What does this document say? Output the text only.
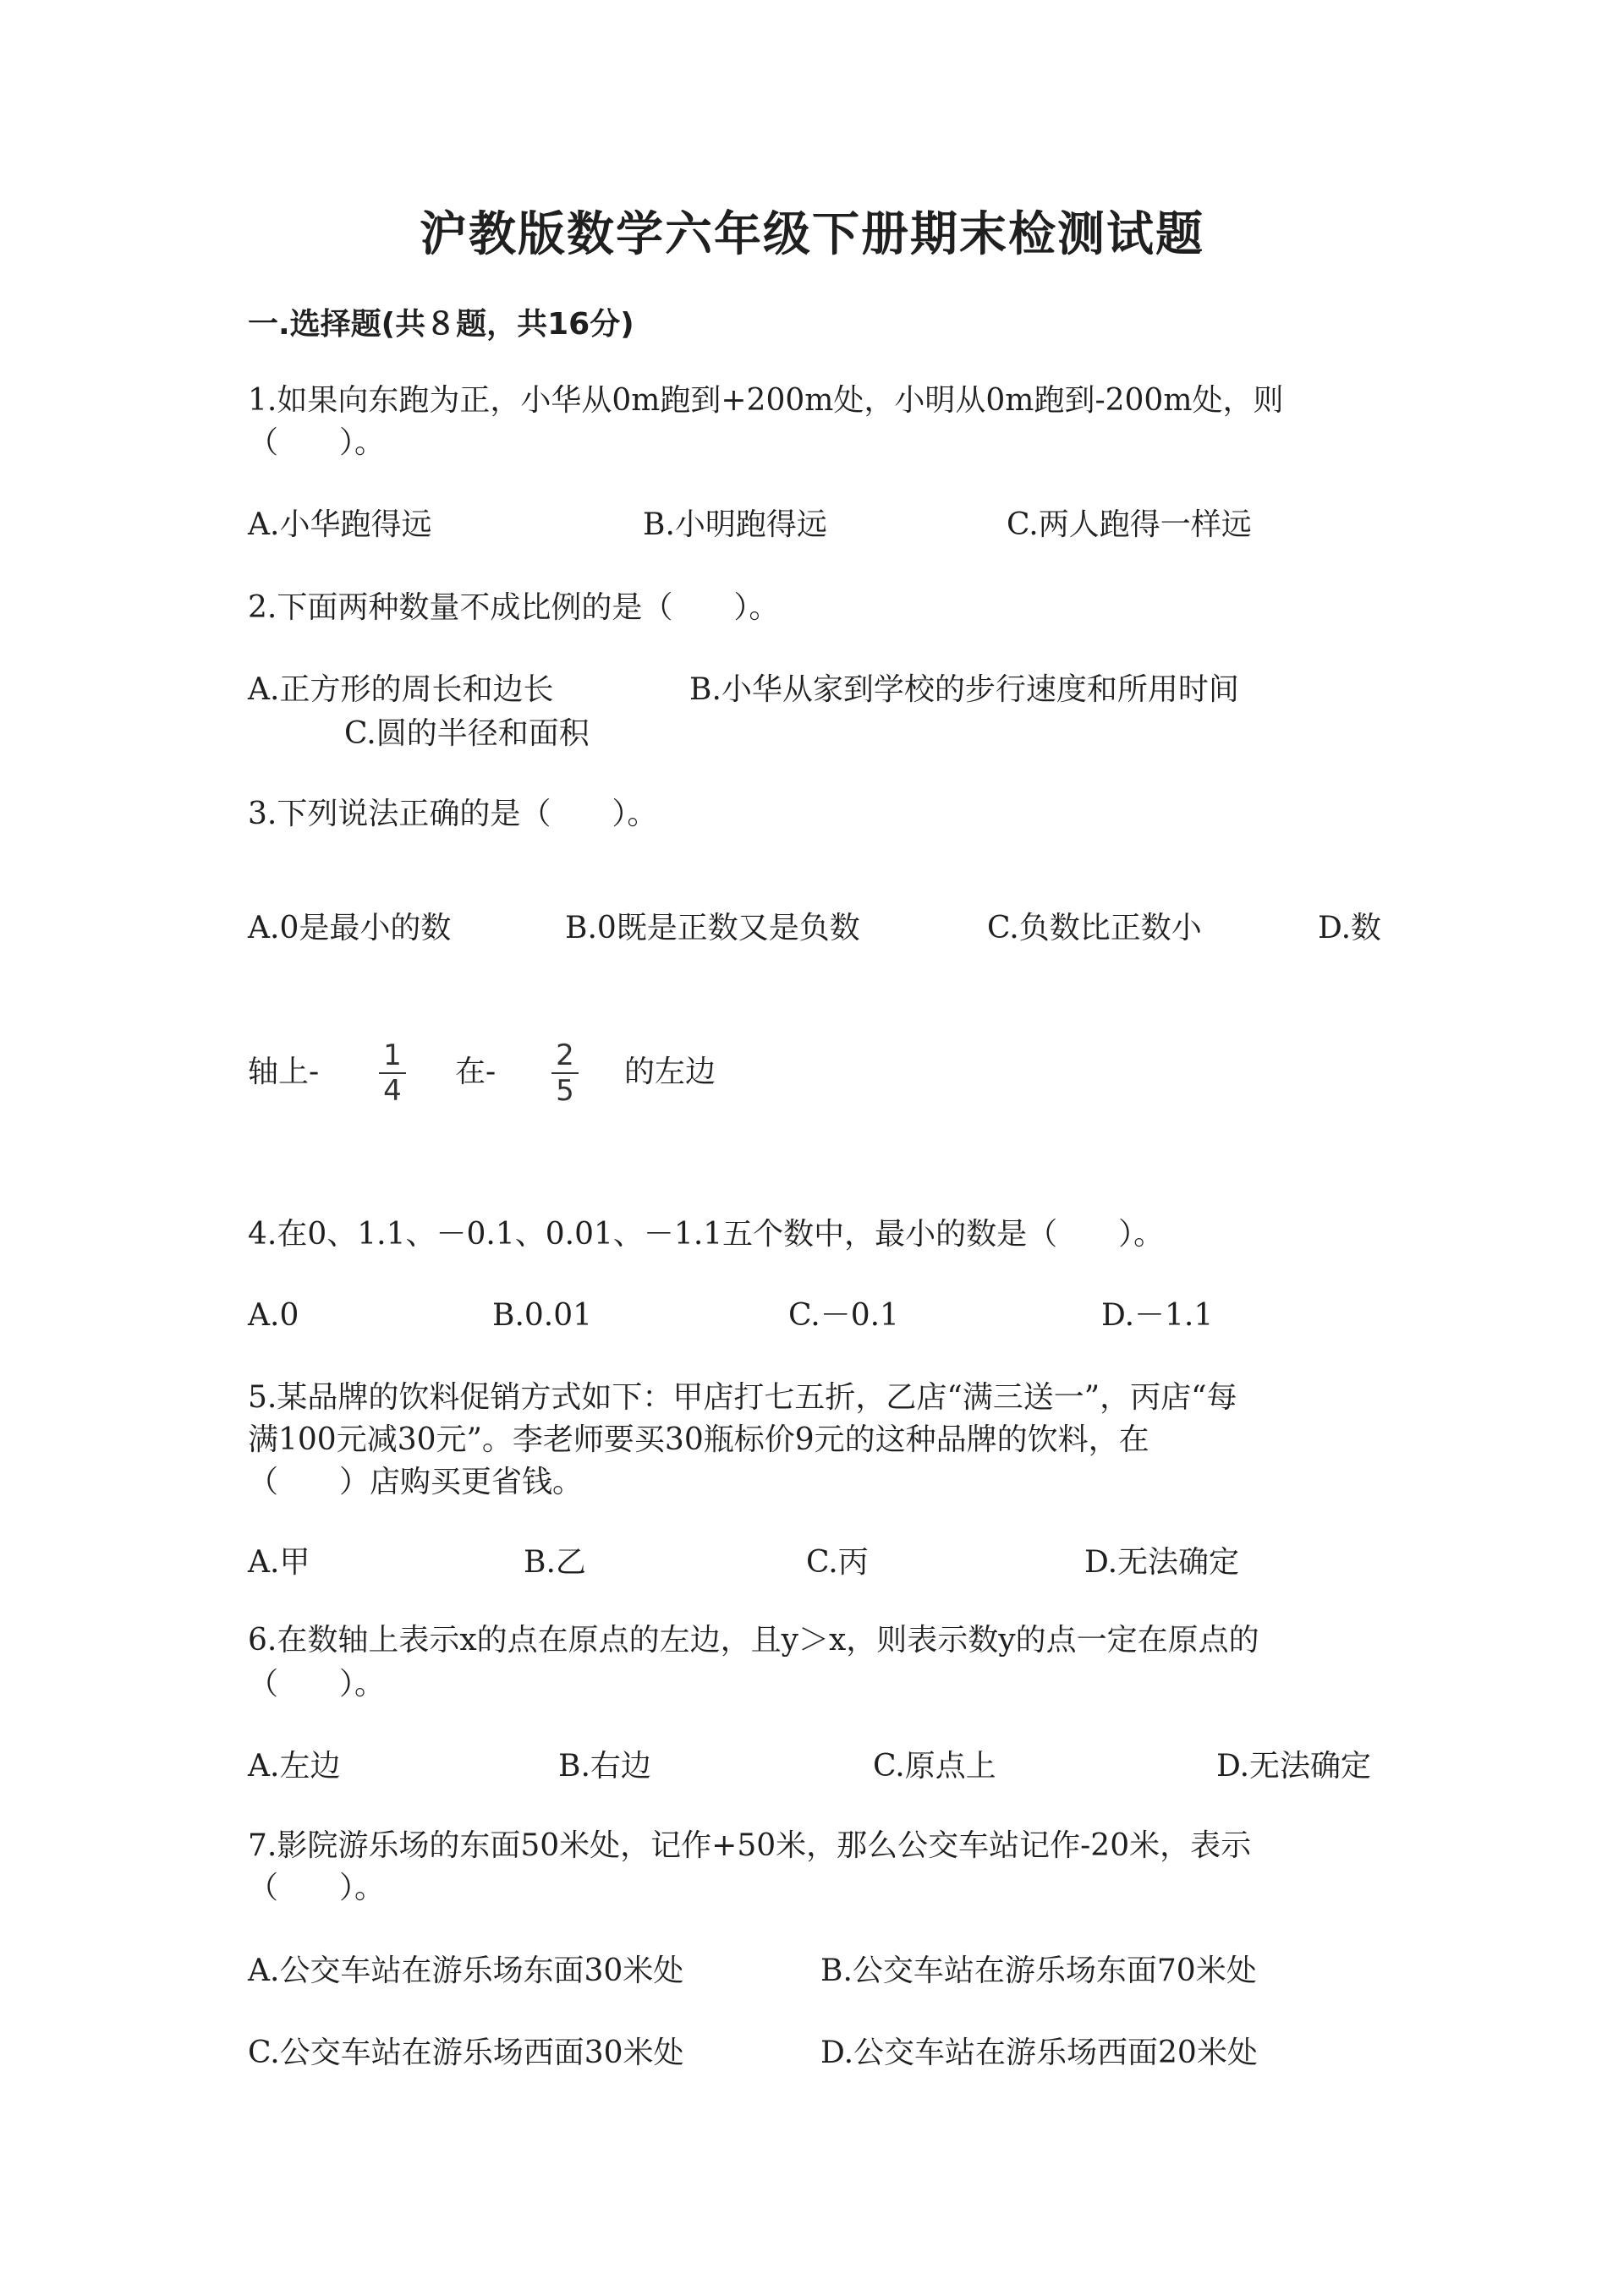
沪教版数学六年级下册期末检测试题
一.选择题(共８题，共16分)
1.如果向东跑为正，小华从0m跑到+200m处，小明从0m跑到-200m处，则
（　　）。
A.小华跑得远	B.小明跑得远	C.两人跑得一样远
2.下面两种数量不成比例的是（　　）。
A.正方形的周长和边长	B.小华从家到学校的步行速度和所用时间
C.圆的半径和面积
3.下列说法正确的是（　　）。
A.0是最小的数	B.0既是正数又是负数	C.负数比正数小	D.数
轴上- 1
4
在- 2
5
的左边
4.在0、1.1、－0.1、0.01、－1.1五个数中，最小的数是（　　）。
A.0	B.0.01	C.－0.1	D.－1.1
5.某品牌的饮料促销方式如下：甲店打七五折，乙店“满三送一”，丙店“每
满100元减30元”。李老师要买30瓶标价9元的这种品牌的饮料，在
（　　）店购买更省钱。
A.甲	B.乙	C.丙	D.无法确定
6.在数轴上表示x的点在原点的左边，且y＞x，则表示数y的点一定在原点的
（　　）。
A.左边	B.右边	C.原点上	D.无法确定
7.影院游乐场的东面50米处，记作+50米，那么公交车站记作-20米，表示
（　　）。
A.公交车站在游乐场东面30米处	B.公交车站在游乐场东面70米处
C.公交车站在游乐场西面30米处	D.公交车站在游乐场西面20米处
